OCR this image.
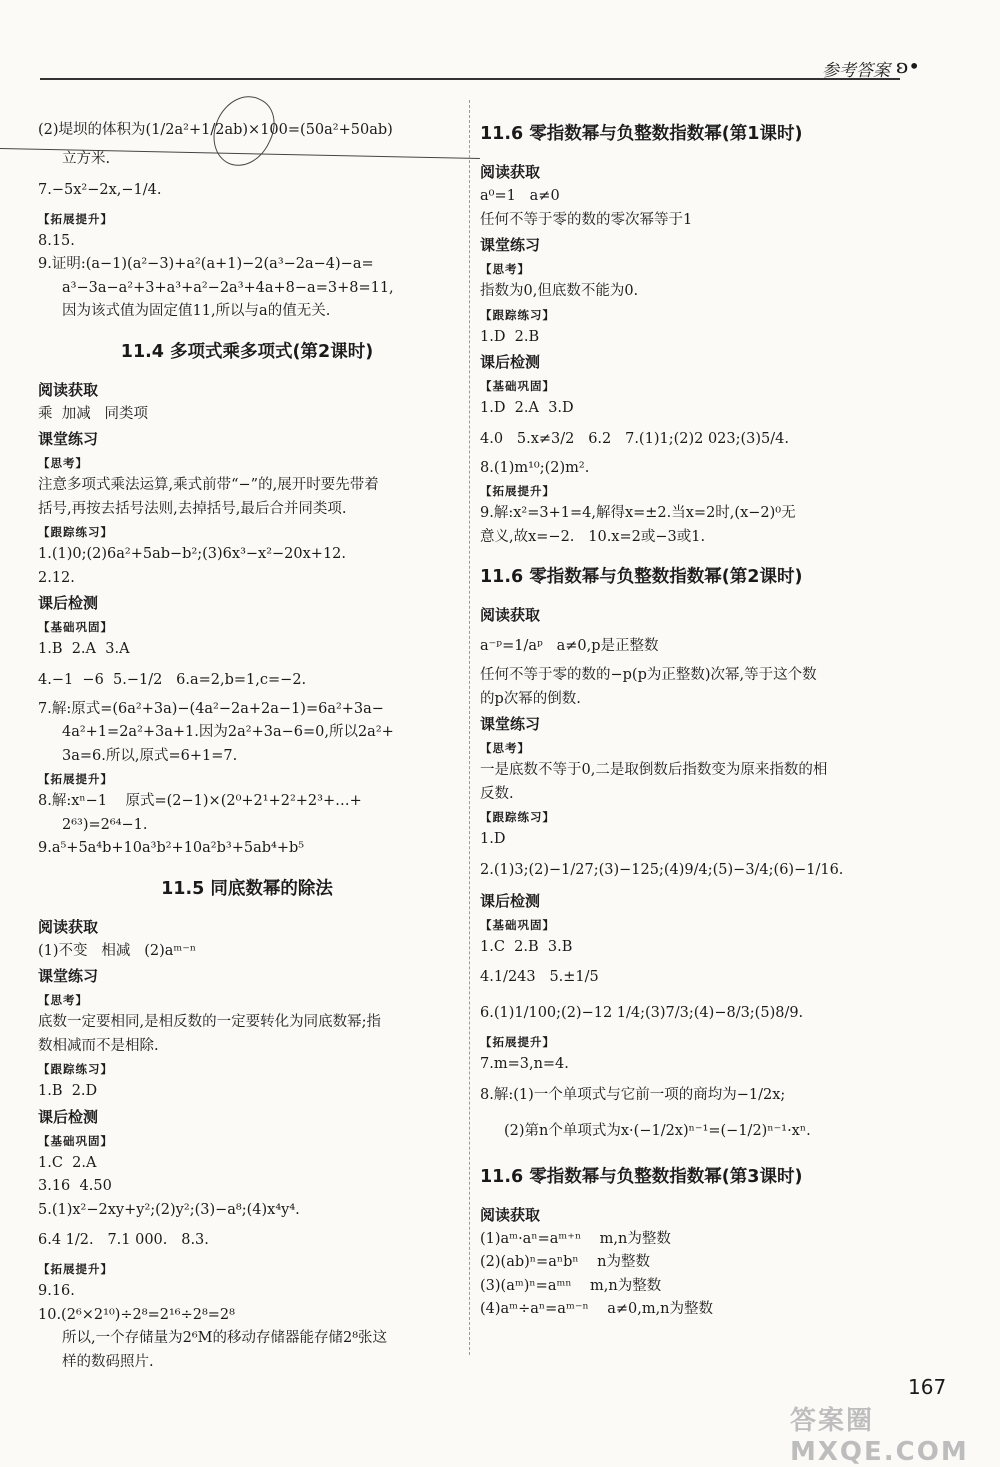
参考答案 ʚ•
(2)堤坝的体积为(1/2a²+1/2ab)×100=(50a²+50ab)
立方米.
7.−5x²−2x,−1/4.
【拓展提升】
8.15.
9.证明:(a−1)(a²−3)+a²(a+1)−2(a³−2a−4)−a=
a³−3a−a²+3+a³+a²−2a³+4a+8−a=3+8=11,
因为该式值为固定值11,所以与a的值无关.
11.4 多项式乘多项式(第2课时)
阅读获取
乘  加减   同类项
课堂练习
【思考】
注意多项式乘法运算,乘式前带“−”的,展开时要先带着
括号,再按去括号法则,去掉括号,最后合并同类项.
【跟踪练习】
1.(1)0;(2)6a²+5ab−b²;(3)6x³−x²−20x+12.
2.12.
课后检测
【基础巩固】
1.B  2.A  3.A
4.−1  −6  5.−1/2   6.a=2,b=1,c=−2.
7.解:原式=(6a²+3a)−(4a²−2a+2a−1)=6a²+3a−
4a²+1=2a²+3a+1.因为2a²+3a−6=0,所以2a²+
3a=6.所以,原式=6+1=7.
【拓展提升】
8.解:xⁿ−1    原式=(2−1)×(2⁰+2¹+2²+2³+…+
2⁶³)=2⁶⁴−1.
9.a⁵+5a⁴b+10a³b²+10a²b³+5ab⁴+b⁵
11.5 同底数幂的除法
阅读获取
(1)不变   相减   (2)aᵐ⁻ⁿ
课堂练习
【思考】
底数一定要相同,是相反数的一定要转化为同底数幂;指
数相减而不是相除.
【跟踪练习】
1.B  2.D
课后检测
【基础巩固】
1.C  2.A
3.16  4.50
5.(1)x²−2xy+y²;(2)y²;(3)−a⁸;(4)x⁴y⁴.
6.4 1/2.   7.1 000.   8.3.
【拓展提升】
9.16.
10.(2⁶×2¹⁰)÷2⁸=2¹⁶÷2⁸=2⁸
所以,一个存储量为2⁶M的移动存储器能存储2⁸张这
样的数码照片.
11.6 零指数幂与负整数指数幂(第1课时)
阅读获取
a⁰=1   a≠0
任何不等于零的数的零次幂等于1
课堂练习
【思考】
指数为0,但底数不能为0.
【跟踪练习】
1.D  2.B
课后检测
【基础巩固】
1.D  2.A  3.D
4.0   5.x≠3/2   6.2   7.(1)1;(2)2 023;(3)5/4.
8.(1)m¹⁰;(2)m².
【拓展提升】
9.解:x²=3+1=4,解得x=±2.当x=2时,(x−2)⁰无
意义,故x=−2.   10.x=2或−3或1.
11.6 零指数幂与负整数指数幂(第2课时)
阅读获取
a⁻ᵖ=1/aᵖ   a≠0,p是正整数
任何不等于零的数的−p(p为正整数)次幂,等于这个数
的p次幂的倒数.
课堂练习
【思考】
一是底数不等于0,二是取倒数后指数变为原来指数的相
反数.
【跟踪练习】
1.D
2.(1)3;(2)−1/27;(3)−125;(4)9/4;(5)−3/4;(6)−1/16.
课后检测
【基础巩固】
1.C  2.B  3.B
4.1/243   5.±1/5
6.(1)1/100;(2)−12 1/4;(3)7/3;(4)−8/3;(5)8/9.
【拓展提升】
7.m=3,n=4.
8.解:(1)一个单项式与它前一项的商均为−1/2x;
(2)第n个单项式为x·(−1/2x)ⁿ⁻¹=(−1/2)ⁿ⁻¹·xⁿ.
11.6 零指数幂与负整数指数幂(第3课时)
阅读获取
(1)aᵐ·aⁿ=aᵐ⁺ⁿ    m,n为整数
(2)(ab)ⁿ=aⁿbⁿ    n为整数
(3)(aᵐ)ⁿ=aᵐⁿ    m,n为整数
(4)aᵐ÷aⁿ=aᵐ⁻ⁿ    a≠0,m,n为整数
167
答案圈 MXQE.COM
